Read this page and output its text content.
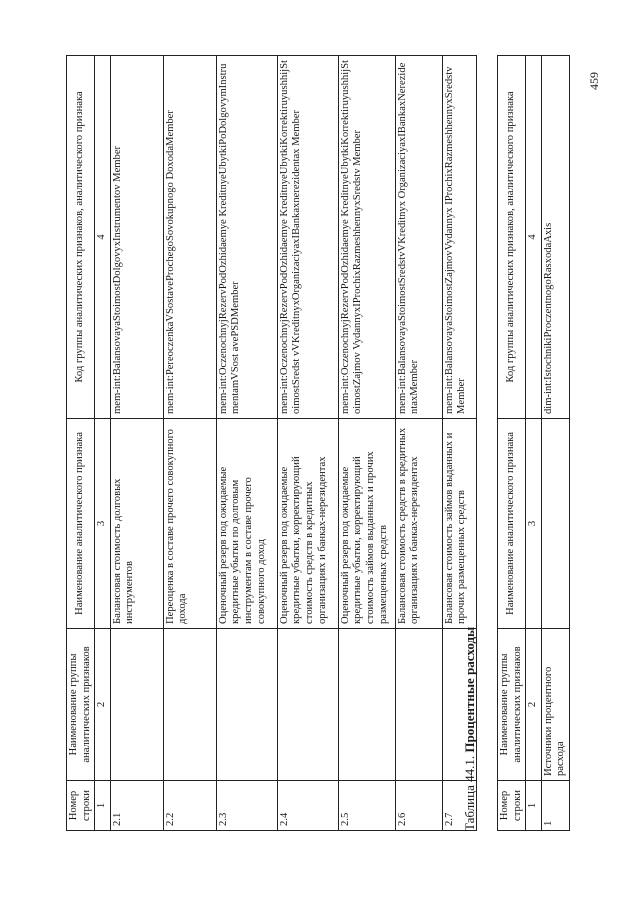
459
Номер строки	Наименование группы аналитических признаков	Наименование аналитического признака	Код группы аналитических признаков, аналитического признака
1	2	3	4
2.1		Балансовая стоимость долговых инструментов	mem-int:BalansovayaStoimostDolgovyxInstrumentov Member
2.2		Переоценка в составе прочего совокупного дохода	mem-int:PereoczenkaVSostaveProchegoSovokupnogo DoxodaMember
2.3		Оценочный резерв под ожидаемые кредитные убытки по долговым инструментам в составе прочего совокупного доход	mem-int:OczenochnyjRezervPodOzhidaemye KreditnyeUbytkiPoDolgovymInstrumentamVSost avePSDMember
2.4		Оценочный резерв под ожидаемые кредитные убытки, корректирующий стоимость средств в кредитных организациях и банках-нерезидентах	mem-int:OczenochnyjRezervPodOzhidaemye KreditnyeUbytkiKorrektiruyushhijStoimostSredst vVKreditnyxOrganizaciyaxIBankaxnerezidentax Member
2.5		Оценочный резерв под ожидаемые кредитные убытки, корректирующий стоимость займов выданных и прочих размещенных средств	mem-int:OczenochnyjRezervPodOzhidaemye KreditnyeUbytkiKorrektiruyushhijStoimostZajmov VydannyxIProchixRazmeshhennyxSredstv Member
2.6		Балансовая стоимость средств в кредитных организациях и банках-нерезидентах	mem-int:BalansovayaStoimostSredstvVKreditnyx OrganizaciyaxIBankaxNerezidentaxMember
2.7		Балансовая стоимость займов выданных и прочих размещенных средств	mem-int:BalansovayaStoimostZajmovVydannyx IProchixRazmeshhennyxSredstvMember
Таблица 44.1. Процентные расходы
Номер строки	Наименование группы аналитических признаков	Наименование аналитического признака	Код группы аналитических признаков, аналитического признака
1	2	3	4
1	Источники процентного расхода		dim-int:IstochnikiProczentnogoRasxodaAxis
